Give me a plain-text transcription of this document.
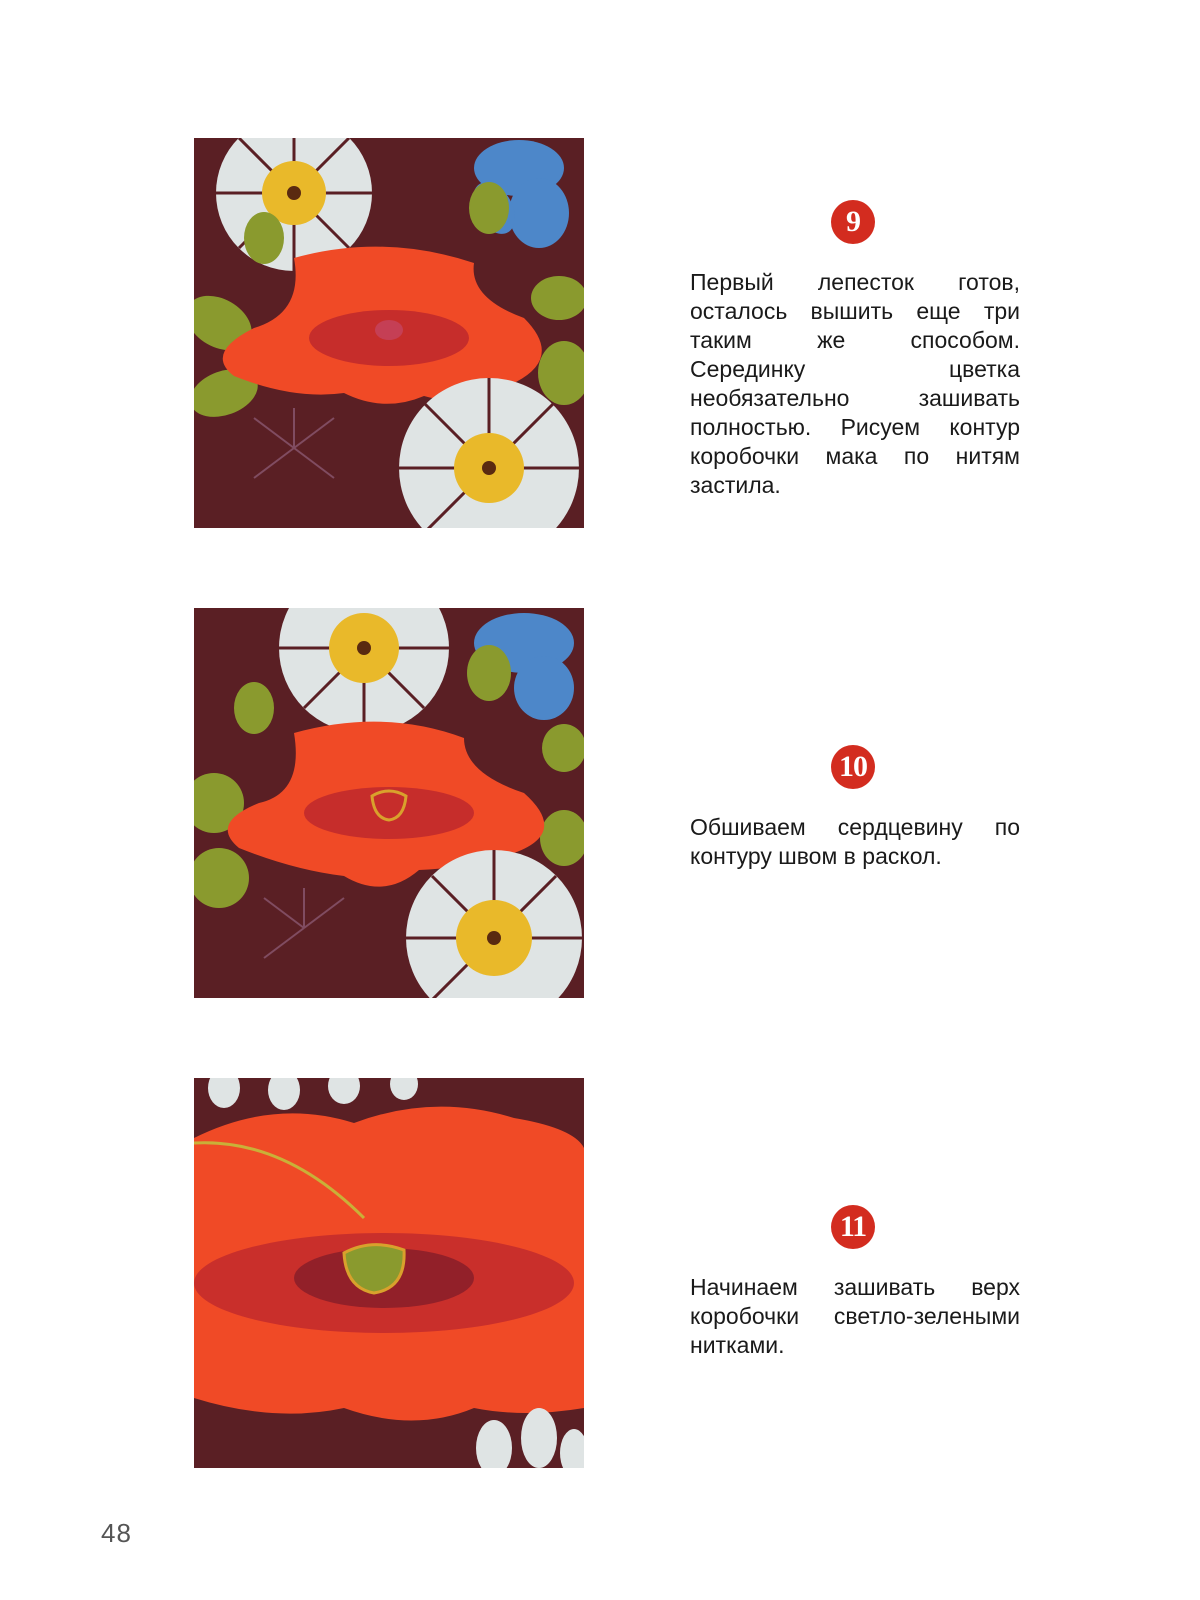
9

Первый лепесток готов, осталось вышить еще три таким же способом. Серединку цветка необязательно зашивать полностью. Рисуем контур коробочки мака по нитям застила.

10

Обшиваем сердцевину по контуру швом в раскол.

11

Начинаем зашивать верх коробочки светло-зелеными нитками.

48
